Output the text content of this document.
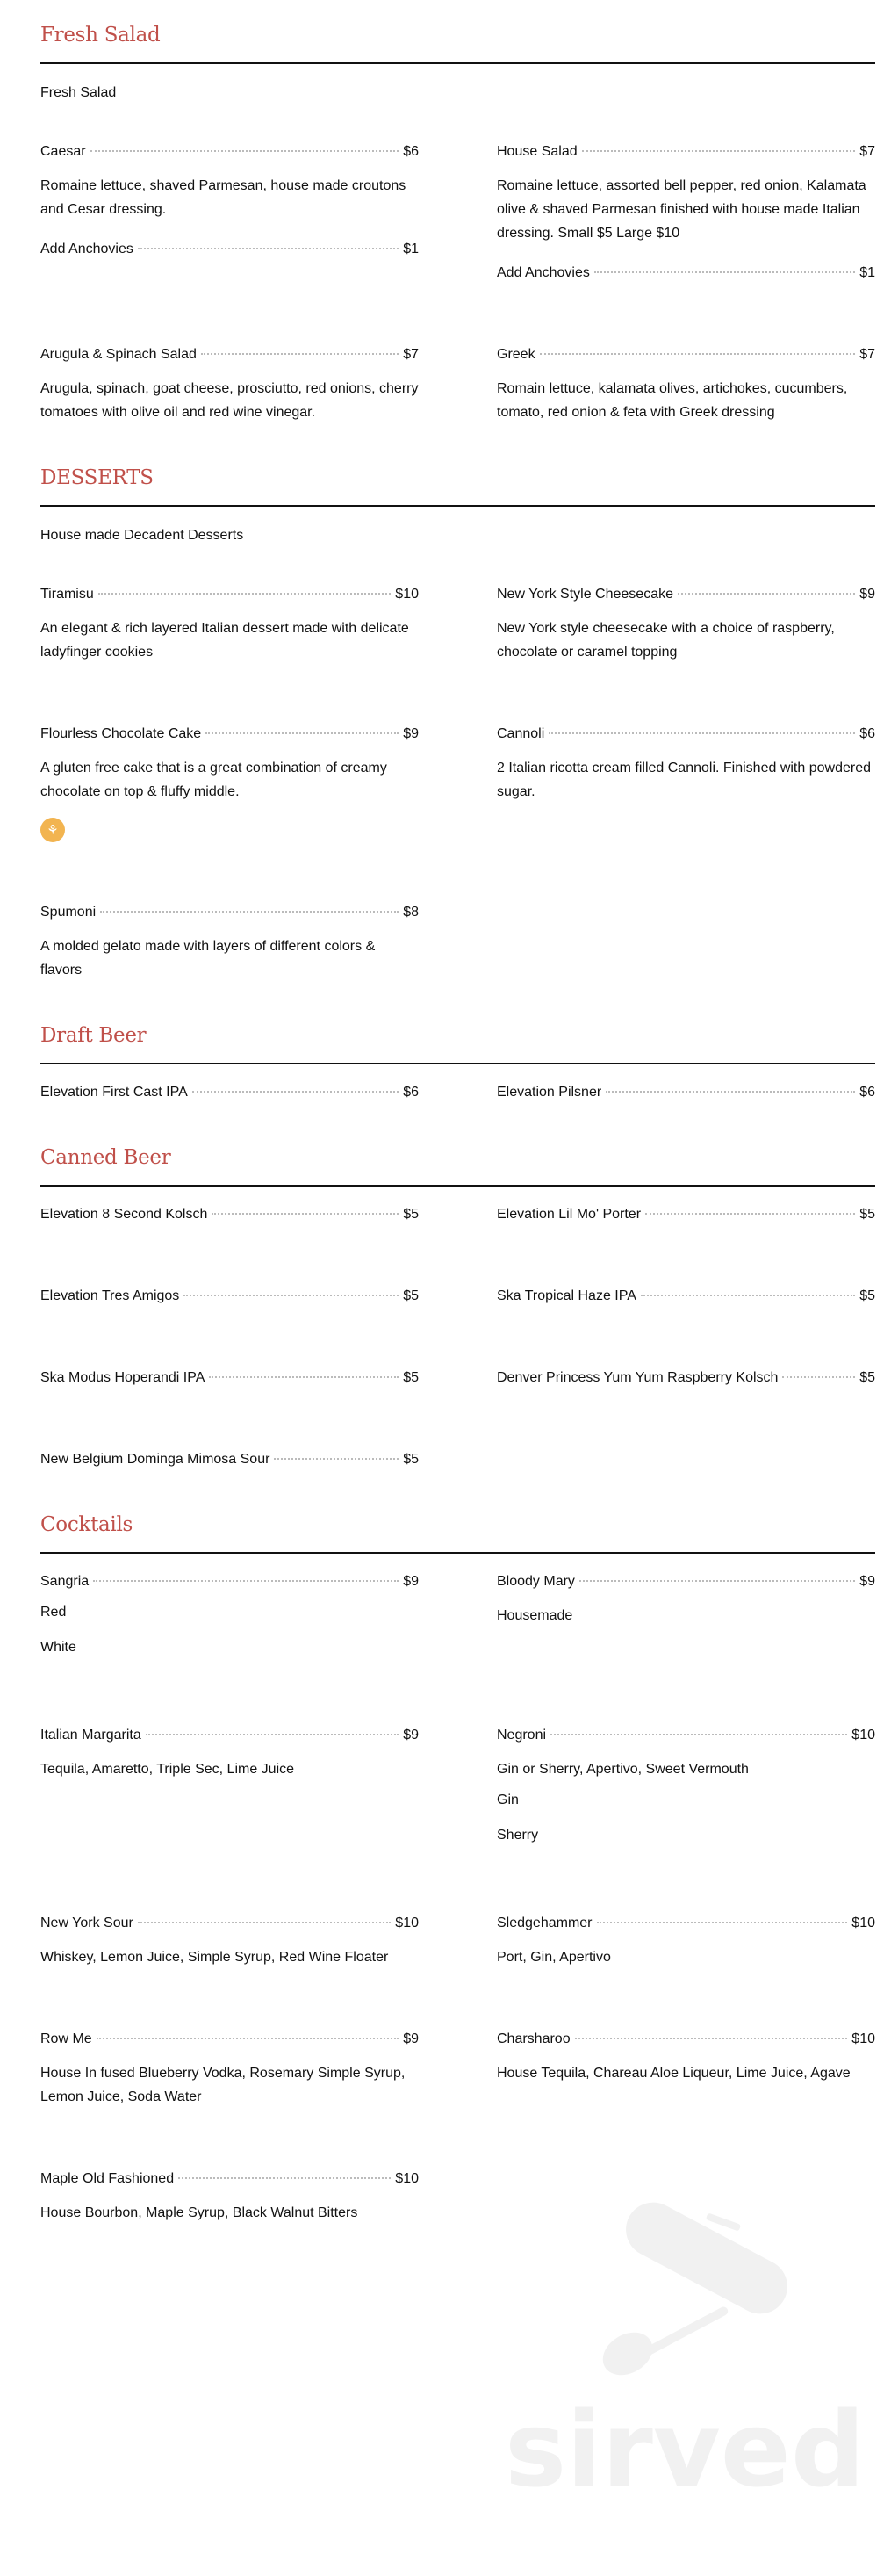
sirved
Fresh Salad
Fresh Salad
Caesar	$6
Romaine lettuce, shaved Parmesan, house made croutons and Cesar dressing.
Add Anchovies	$1
House Salad	$7
Romaine lettuce, assorted bell pepper, red onion, Kalamata olive & shaved Parmesan finished with house made Italian dressing. Small $5 Large $10
Add Anchovies	$1
Arugula & Spinach Salad	$7
Arugula, spinach, goat cheese, prosciutto, red onions, cherry tomatoes with olive oil and red wine vinegar.
Greek	$7
Romain lettuce, kalamata olives, artichokes, cucumbers, tomato, red onion & feta with Greek dressing
DESSERTS
House made Decadent Desserts
Tiramisu	$10
An elegant & rich layered Italian dessert made with delicate ladyfinger cookies
New York Style Cheesecake	$9
New York style cheesecake with a choice of raspberry, chocolate or caramel topping
Flourless Chocolate Cake	$9
A gluten free cake that is a great combination of creamy chocolate on top & fluffy middle.
⚘
Cannoli	$6
2 Italian ricotta cream filled Cannoli. Finished with powdered sugar.
Spumoni	$8
A molded gelato made with layers of different colors & flavors
Draft Beer
Elevation First Cast IPA	$6	Elevation Pilsner	$6
Canned Beer
Elevation 8 Second Kolsch	$5	Elevation Lil Mo' Porter	$5
Elevation Tres Amigos	$5	Ska Tropical Haze IPA	$5
Ska Modus Hoperandi IPA	$5	Denver Princess Yum Yum Raspberry Kolsch	$5
New Belgium Dominga Mimosa Sour	$5
Cocktails
Sangria	$9
Red
White
Bloody Mary	$9
Housemade
Italian Margarita	$9
Tequila, Amaretto, Triple Sec, Lime Juice
Negroni	$10
Gin or Sherry, Apertivo, Sweet Vermouth
Gin
Sherry
New York Sour	$10
Whiskey, Lemon Juice, Simple Syrup, Red Wine Floater
Sledgehammer	$10
Port, Gin, Apertivo
Row Me	$9
House In fused Blueberry Vodka, Rosemary Simple Syrup, Lemon Juice, Soda Water
Charsharoo	$10
House Tequila, Chareau Aloe Liqueur, Lime Juice, Agave
Maple Old Fashioned	$10
House Bourbon, Maple Syrup, Black Walnut Bitters
